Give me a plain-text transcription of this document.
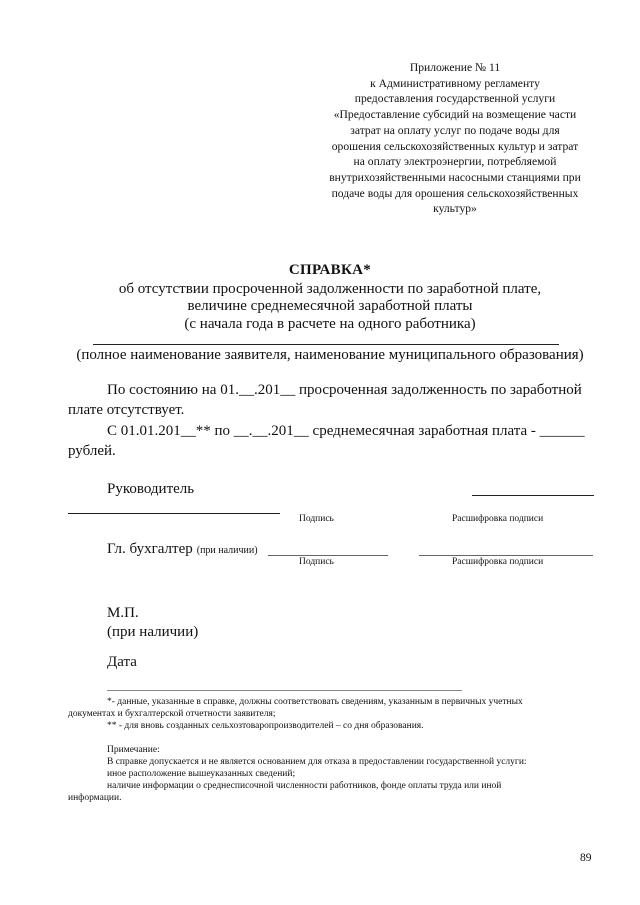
Приложение № 11
к Административному регламенту
предоставления государственной услуги
«Предоставление субсидий на возмещение части
затрат на оплату услуг по подаче воды для
орошения сельскохозяйственных культур и затрат
на оплату электроэнергии, потребляемой
внутрихозяйственными насосными станциями при
подаче воды для орошения сельскохозяйственных
культур»
СПРАВКА*
об отсутствии просроченной задолженности по заработной плате,
величине среднемесячной заработной платы
(с начала года в расчете на одного работника)
(полное наименование заявителя, наименование муниципального образования)
По состоянию на 01.__.201__ просроченная задолженность по заработной
плате отсутствует.
С 01.01.201__** по __.__.201__ среднемесячная заработная плата - ______
рублей.
Руководитель
Подпись	Расшифровка подписи
Гл. бухгалтер (при наличии)
Подпись	Расшифровка подписи
М.П.
(при наличии)
Дата
*- данные, указанные в справке, должны соответствовать сведениям, указанным в первичных учетных
документах и бухгалтерской отчетности заявителя;
** - для вновь созданных сельхозтоваропроизводителей – со дня образования.
Примечание:
В справке допускается и не является основанием для отказа в предоставлении государственной услуги:
иное расположение вышеуказанных сведений;
наличие информации о среднесписочной численности работников, фонде оплаты труда или иной
информации.
89
